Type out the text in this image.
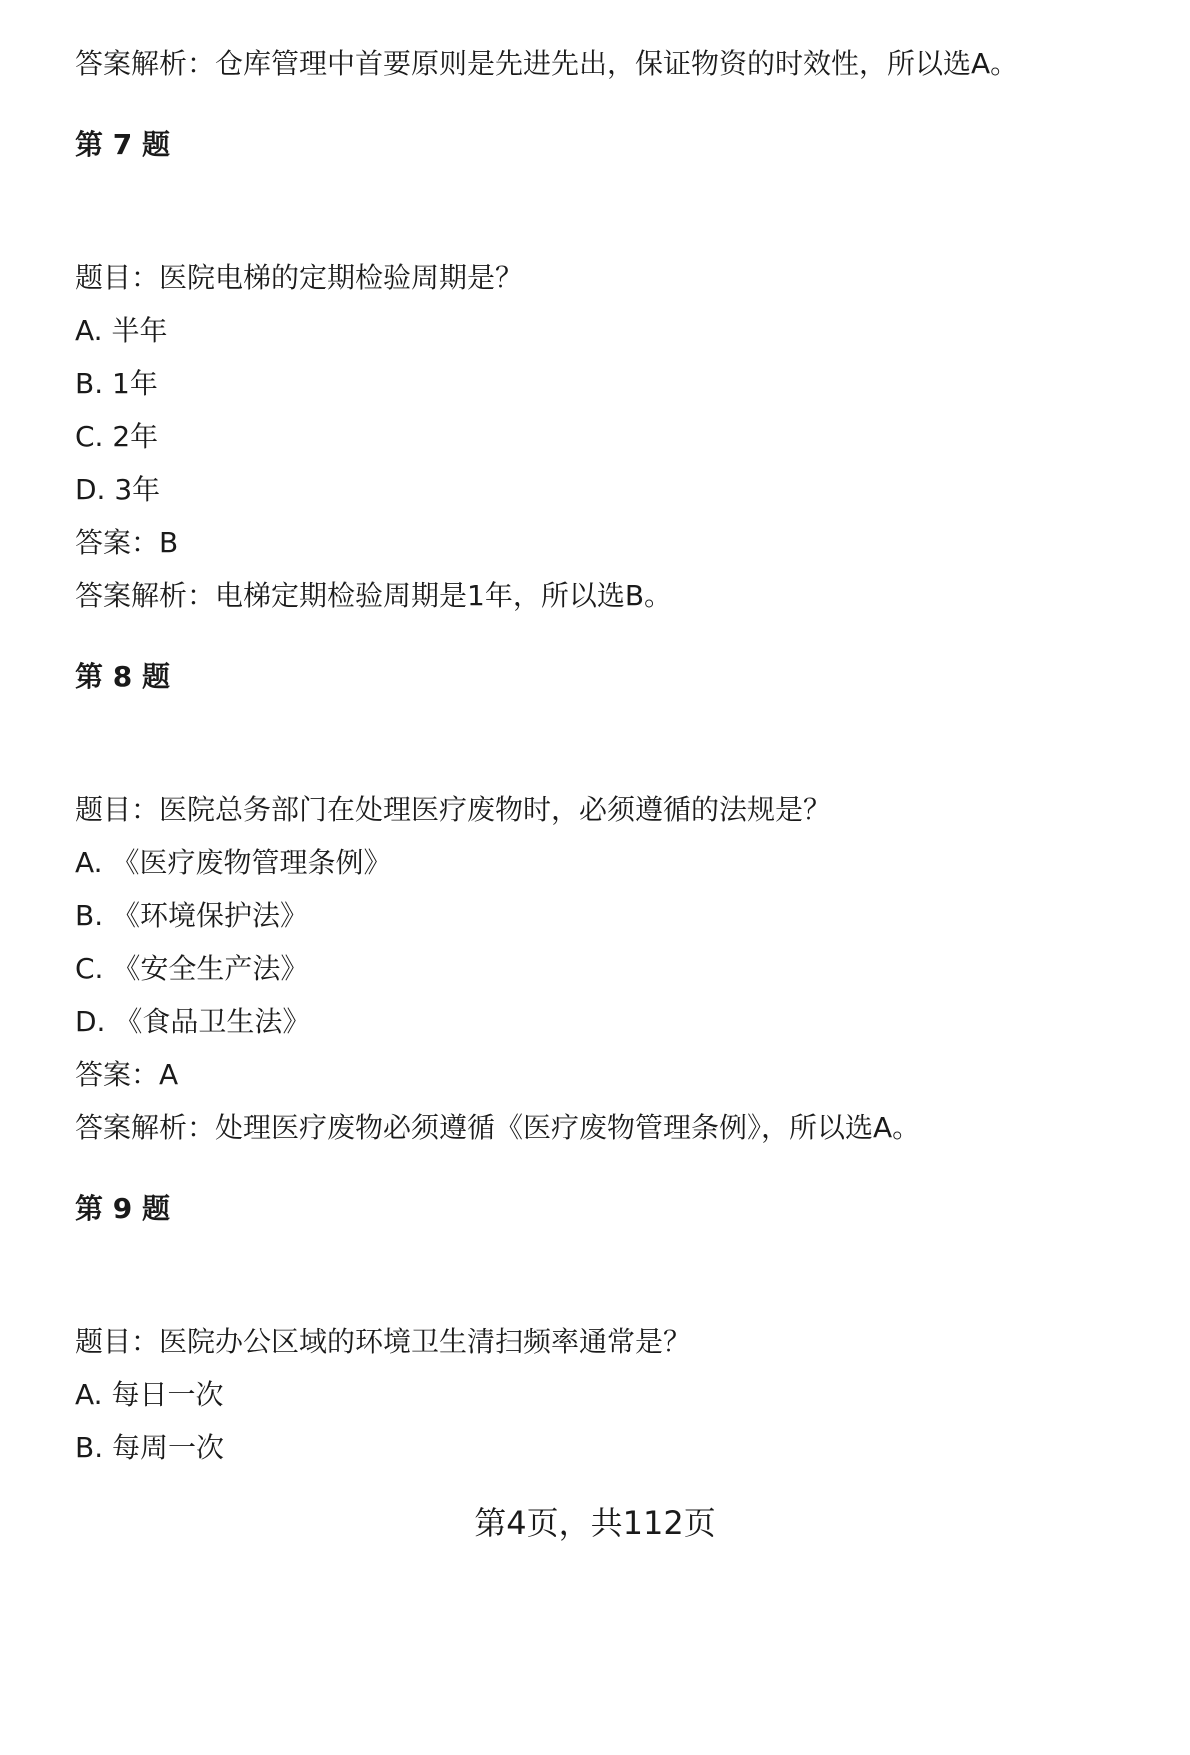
答案解析：仓库管理中首要原则是先进先出，保证物资的时效性，所以选A。
第 7 题
题目：医院电梯的定期检验周期是？
A. 半年
B. 1年
C. 2年
D. 3年
答案：B
答案解析：电梯定期检验周期是1年，所以选B。
第 8 题
题目：医院总务部门在处理医疗废物时，必须遵循的法规是？
A. 《医疗废物管理条例》
B. 《环境保护法》
C. 《安全生产法》
D. 《食品卫生法》
答案：A
答案解析：处理医疗废物必须遵循《医疗废物管理条例》，所以选A。
第 9 题
题目：医院办公区域的环境卫生清扫频率通常是？
A. 每日一次
B. 每周一次
第4页，共112页
